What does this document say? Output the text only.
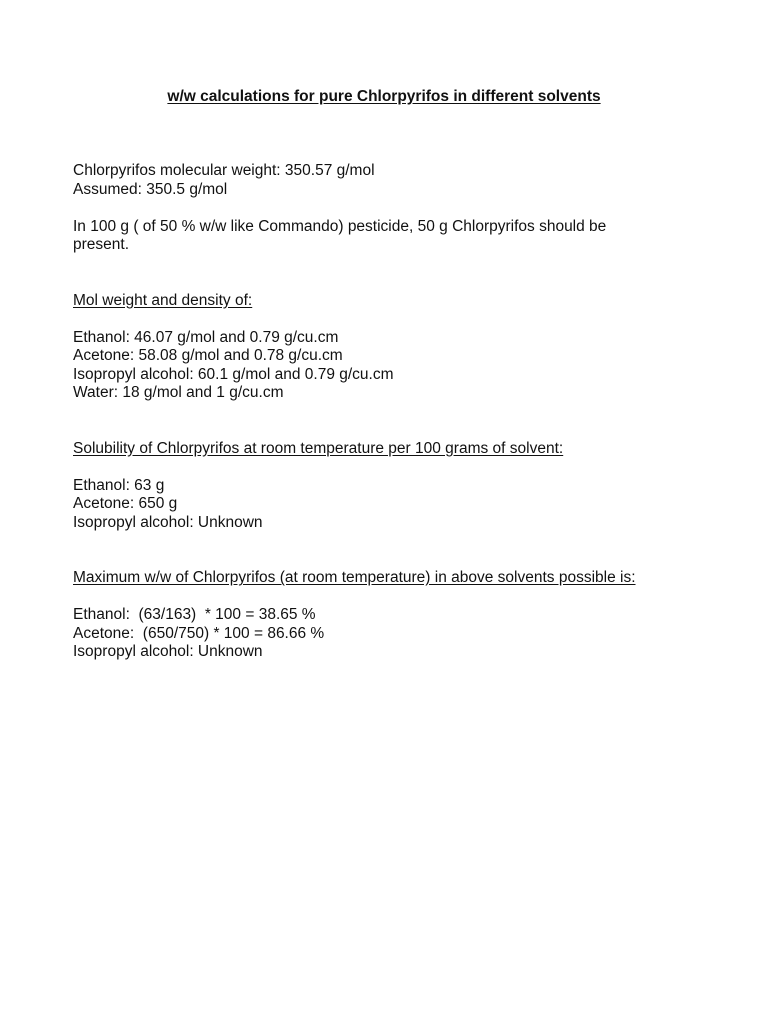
w/w calculations for pure Chlorpyrifos in different solvents

Chlorpyrifos molecular weight: 350.57 g/mol

Assumed: 350.5 g/mol

In 100 g ( of 50 % w/w like Commando) pesticide, 50 g Chlorpyrifos should be

present.

Mol weight and density of:

Ethanol: 46.07 g/mol and 0.79 g/cu.cm

Acetone: 58.08 g/mol and 0.78 g/cu.cm

Isopropyl alcohol: 60.1 g/mol and 0.79 g/cu.cm

Water: 18 g/mol and 1 g/cu.cm

Solubility of Chlorpyrifos at room temperature per 100 grams of solvent:

Ethanol: 63 g

Acetone: 650 g

Isopropyl alcohol: Unknown

Maximum w/w of Chlorpyrifos (at room temperature) in above solvents possible is:

Ethanol:  (63/163)  * 100 = 38.65 %

Acetone:  (650/750) * 100 = 86.66 %

Isopropyl alcohol: Unknown
